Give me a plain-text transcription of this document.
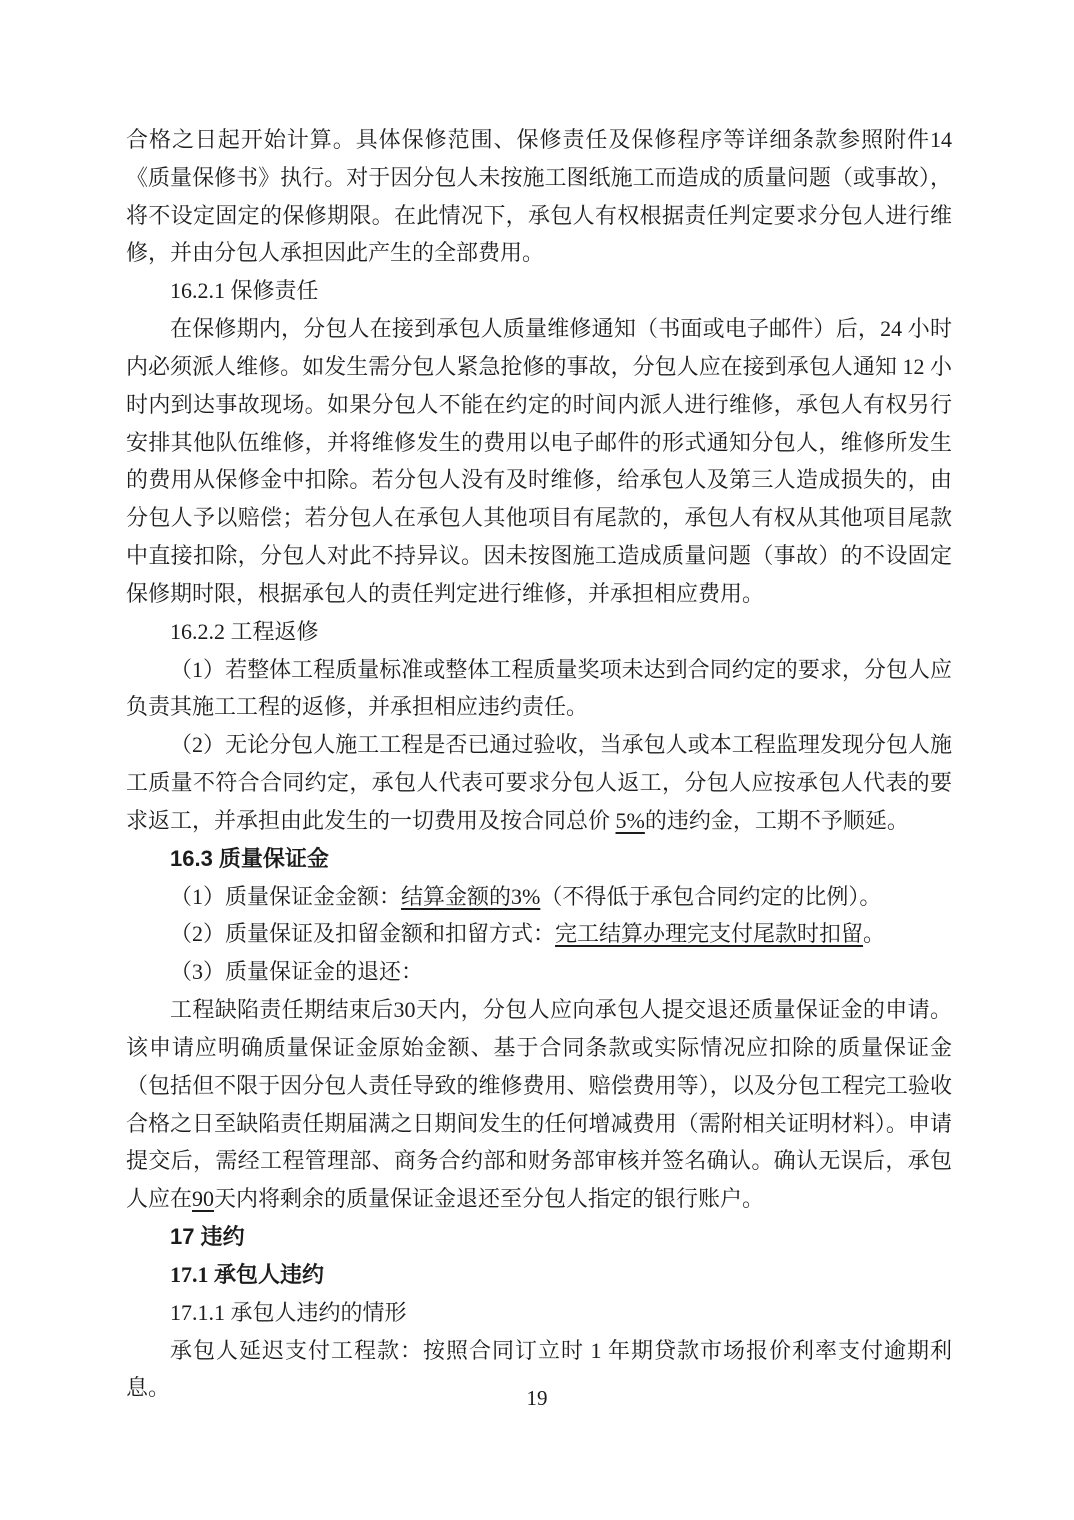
合格之日起开始计算。具体保修范围、保修责任及保修程序等详细条款参照附件14《质量保修书》执行。对于因分包人未按施工图纸施工而造成的质量问题（或事故），将不设定固定的保修期限。在此情况下，承包人有权根据责任判定要求分包人进行维修，并由分包人承担因此产生的全部费用。

16.2.1 保修责任

在保修期内，分包人在接到承包人质量维修通知（书面或电子邮件）后，24 小时内必须派人维修。如发生需分包人紧急抢修的事故，分包人应在接到承包人通知 12 小时内到达事故现场。如果分包人不能在约定的时间内派人进行维修，承包人有权另行安排其他队伍维修，并将维修发生的费用以电子邮件的形式通知分包人，维修所发生的费用从保修金中扣除。若分包人没有及时维修，给承包人及第三人造成损失的，由分包人予以赔偿；若分包人在承包人其他项目有尾款的，承包人有权从其他项目尾款中直接扣除，分包人对此不持异议。因未按图施工造成质量问题（事故）的不设固定保修期时限，根据承包人的责任判定进行维修，并承担相应费用。

16.2.2 工程返修

（1）若整体工程质量标准或整体工程质量奖项未达到合同约定的要求，分包人应负责其施工工程的返修，并承担相应违约责任。

（2）无论分包人施工工程是否已通过验收，当承包人或本工程监理发现分包人施工质量不符合合同约定，承包人代表可要求分包人返工，分包人应按承包人代表的要求返工，并承担由此发生的一切费用及按合同总价 5%的违约金，工期不予顺延。

16.3 质量保证金

（1）质量保证金金额：结算金额的3%（不得低于承包合同约定的比例）。

（2）质量保证及扣留金额和扣留方式：完工结算办理完支付尾款时扣留。

（3）质量保证金的退还：

工程缺陷责任期结束后30天内，分包人应向承包人提交退还质量保证金的申请。该申请应明确质量保证金原始金额、基于合同条款或实际情况应扣除的质量保证金（包括但不限于因分包人责任导致的维修费用、赔偿费用等），以及分包工程完工验收合格之日至缺陷责任期届满之日期间发生的任何增减费用（需附相关证明材料）。申请提交后，需经工程管理部、商务合约部和财务部审核并签名确认。确认无误后，承包人应在90天内将剩余的质量保证金退还至分包人指定的银行账户。

17 违约

17.1 承包人违约

17.1.1 承包人违约的情形

承包人延迟支付工程款：按照合同订立时 1 年期贷款市场报价利率支付逾期利息。	19
